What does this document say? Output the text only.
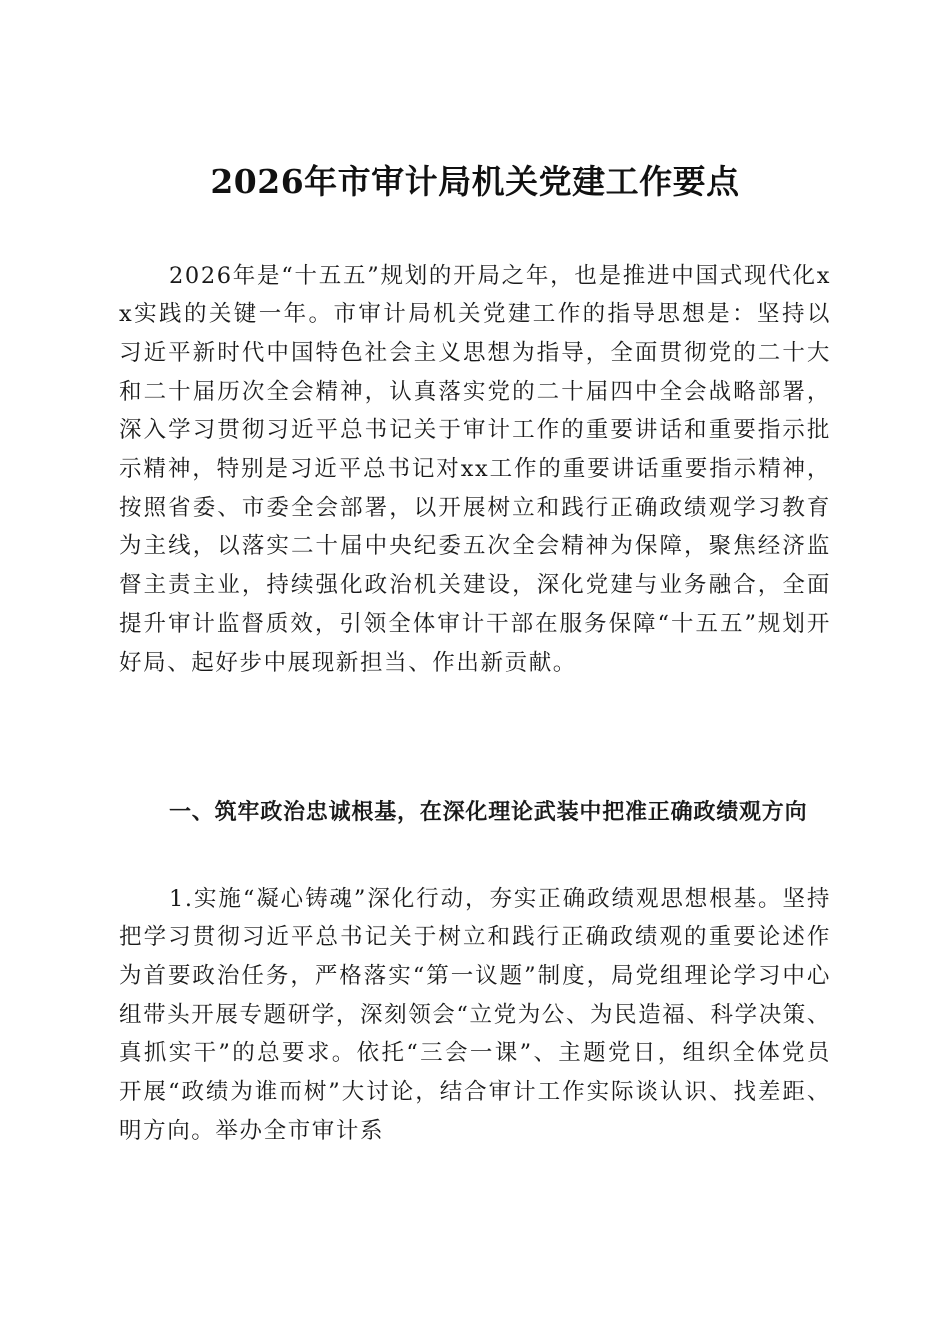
2026年市审计局机关党建工作要点

2026年是“十五五”规划的开局之年，也是推进中国式现代化xx实践的关键一年。市审计局机关党建工作的指导思想是：坚持以习近平新时代中国特色社会主义思想为指导，全面贯彻党的二十大和二十届历次全会精神，认真落实党的二十届四中全会战略部署，深入学习贯彻习近平总书记关于审计工作的重要讲话和重要指示批示精神，特别是习近平总书记对xx工作的重要讲话重要指示精神，按照省委、市委全会部署，以开展树立和践行正确政绩观学习教育为主线，以落实二十届中央纪委五次全会精神为保障，聚焦经济监督主责主业，持续强化政治机关建设，深化党建与业务融合，全面提升审计监督质效，引领全体审计干部在服务保障“十五五”规划开好局、起好步中展现新担当、作出新贡献。

一、筑牢政治忠诚根基，在深化理论武装中把准正确政绩观方向

1.实施“凝心铸魂”深化行动，夯实正确政绩观思想根基。坚持把学习贯彻习近平总书记关于树立和践行正确政绩观的重要论述作为首要政治任务，严格落实“第一议题”制度，局党组理论学习中心组带头开展专题研学，深刻领会“立党为公、为民造福、科学决策、真抓实干”的总要求。依托“三会一课”、主题党日，组织全体党员开展“政绩为谁而树”大讨论，结合审计工作实际谈认识、找差距、明方向。举办全市审计系
